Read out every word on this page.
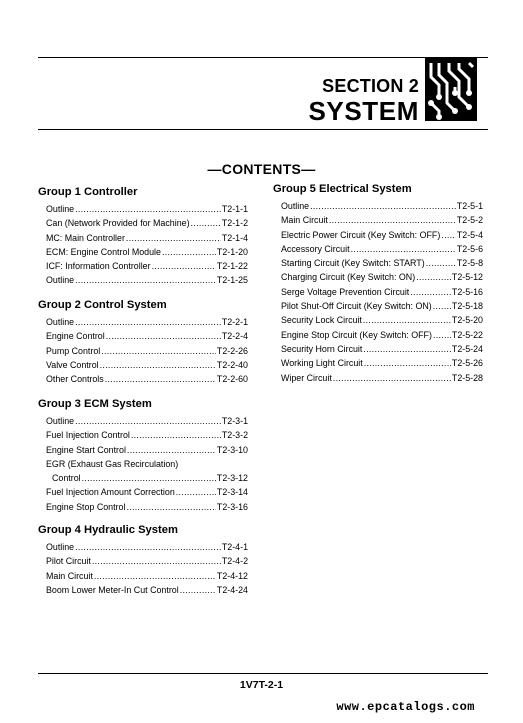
SECTION 2
SYSTEM
—CONTENTS—
Group 1 Controller
Outline .....	T2-1-1
Can (Network Provided for Machine) .....	T2-1-2
MC: Main Controller .....	T2-1-4
ECM: Engine Control Module .....	T2-1-20
ICF: Information Controller .....	T2-1-22
Outline .....	T2-1-25
Group 2 Control System
Outline .....	T2-2-1
Engine Control .....	T2-2-4
Pump Control .....	T2-2-26
Valve Control .....	T2-2-40
Other Controls .....	T2-2-60
Group 3 ECM System
Outline .....	T2-3-1
Fuel Injection Control .....	T2-3-2
Engine Start Control .....	T2-3-10
EGR (Exhaust Gas Recirculation)
Control .....	T2-3-12
Fuel Injection Amount Correction .....	T2-3-14
Engine Stop Control .....	T2-3-16
Group 4 Hydraulic System
Outline .....	T2-4-1
Pilot Circuit .....	T2-4-2
Main Circuit .....	T2-4-12
Boom Lower Meter-In Cut Control .....	T2-4-24
Group 5 Electrical System
Outline .....	T2-5-1
Main Circuit .....	T2-5-2
Electric Power Circuit (Key Switch: OFF) ..... T2-5-4
Accessory Circuit .....	T2-5-6
Starting Circuit (Key Switch: START) .....	T2-5-8
Charging Circuit (Key Switch: ON) .....	T2-5-12
Serge Voltage Prevention Circuit .....	T2-5-16
Pilot Shut-Off Circuit (Key Switch: ON) ..... T2-5-18
Security Lock Circuit .....	T2-5-20
Engine Stop Circuit (Key Switch: OFF) ..... T2-5-22
Security Horn Circuit .....	T2-5-24
Working Light Circuit .....	T2-5-26
Wiper Circuit .....	T2-5-28
1V7T-2-1
www.epcatalogs.com
